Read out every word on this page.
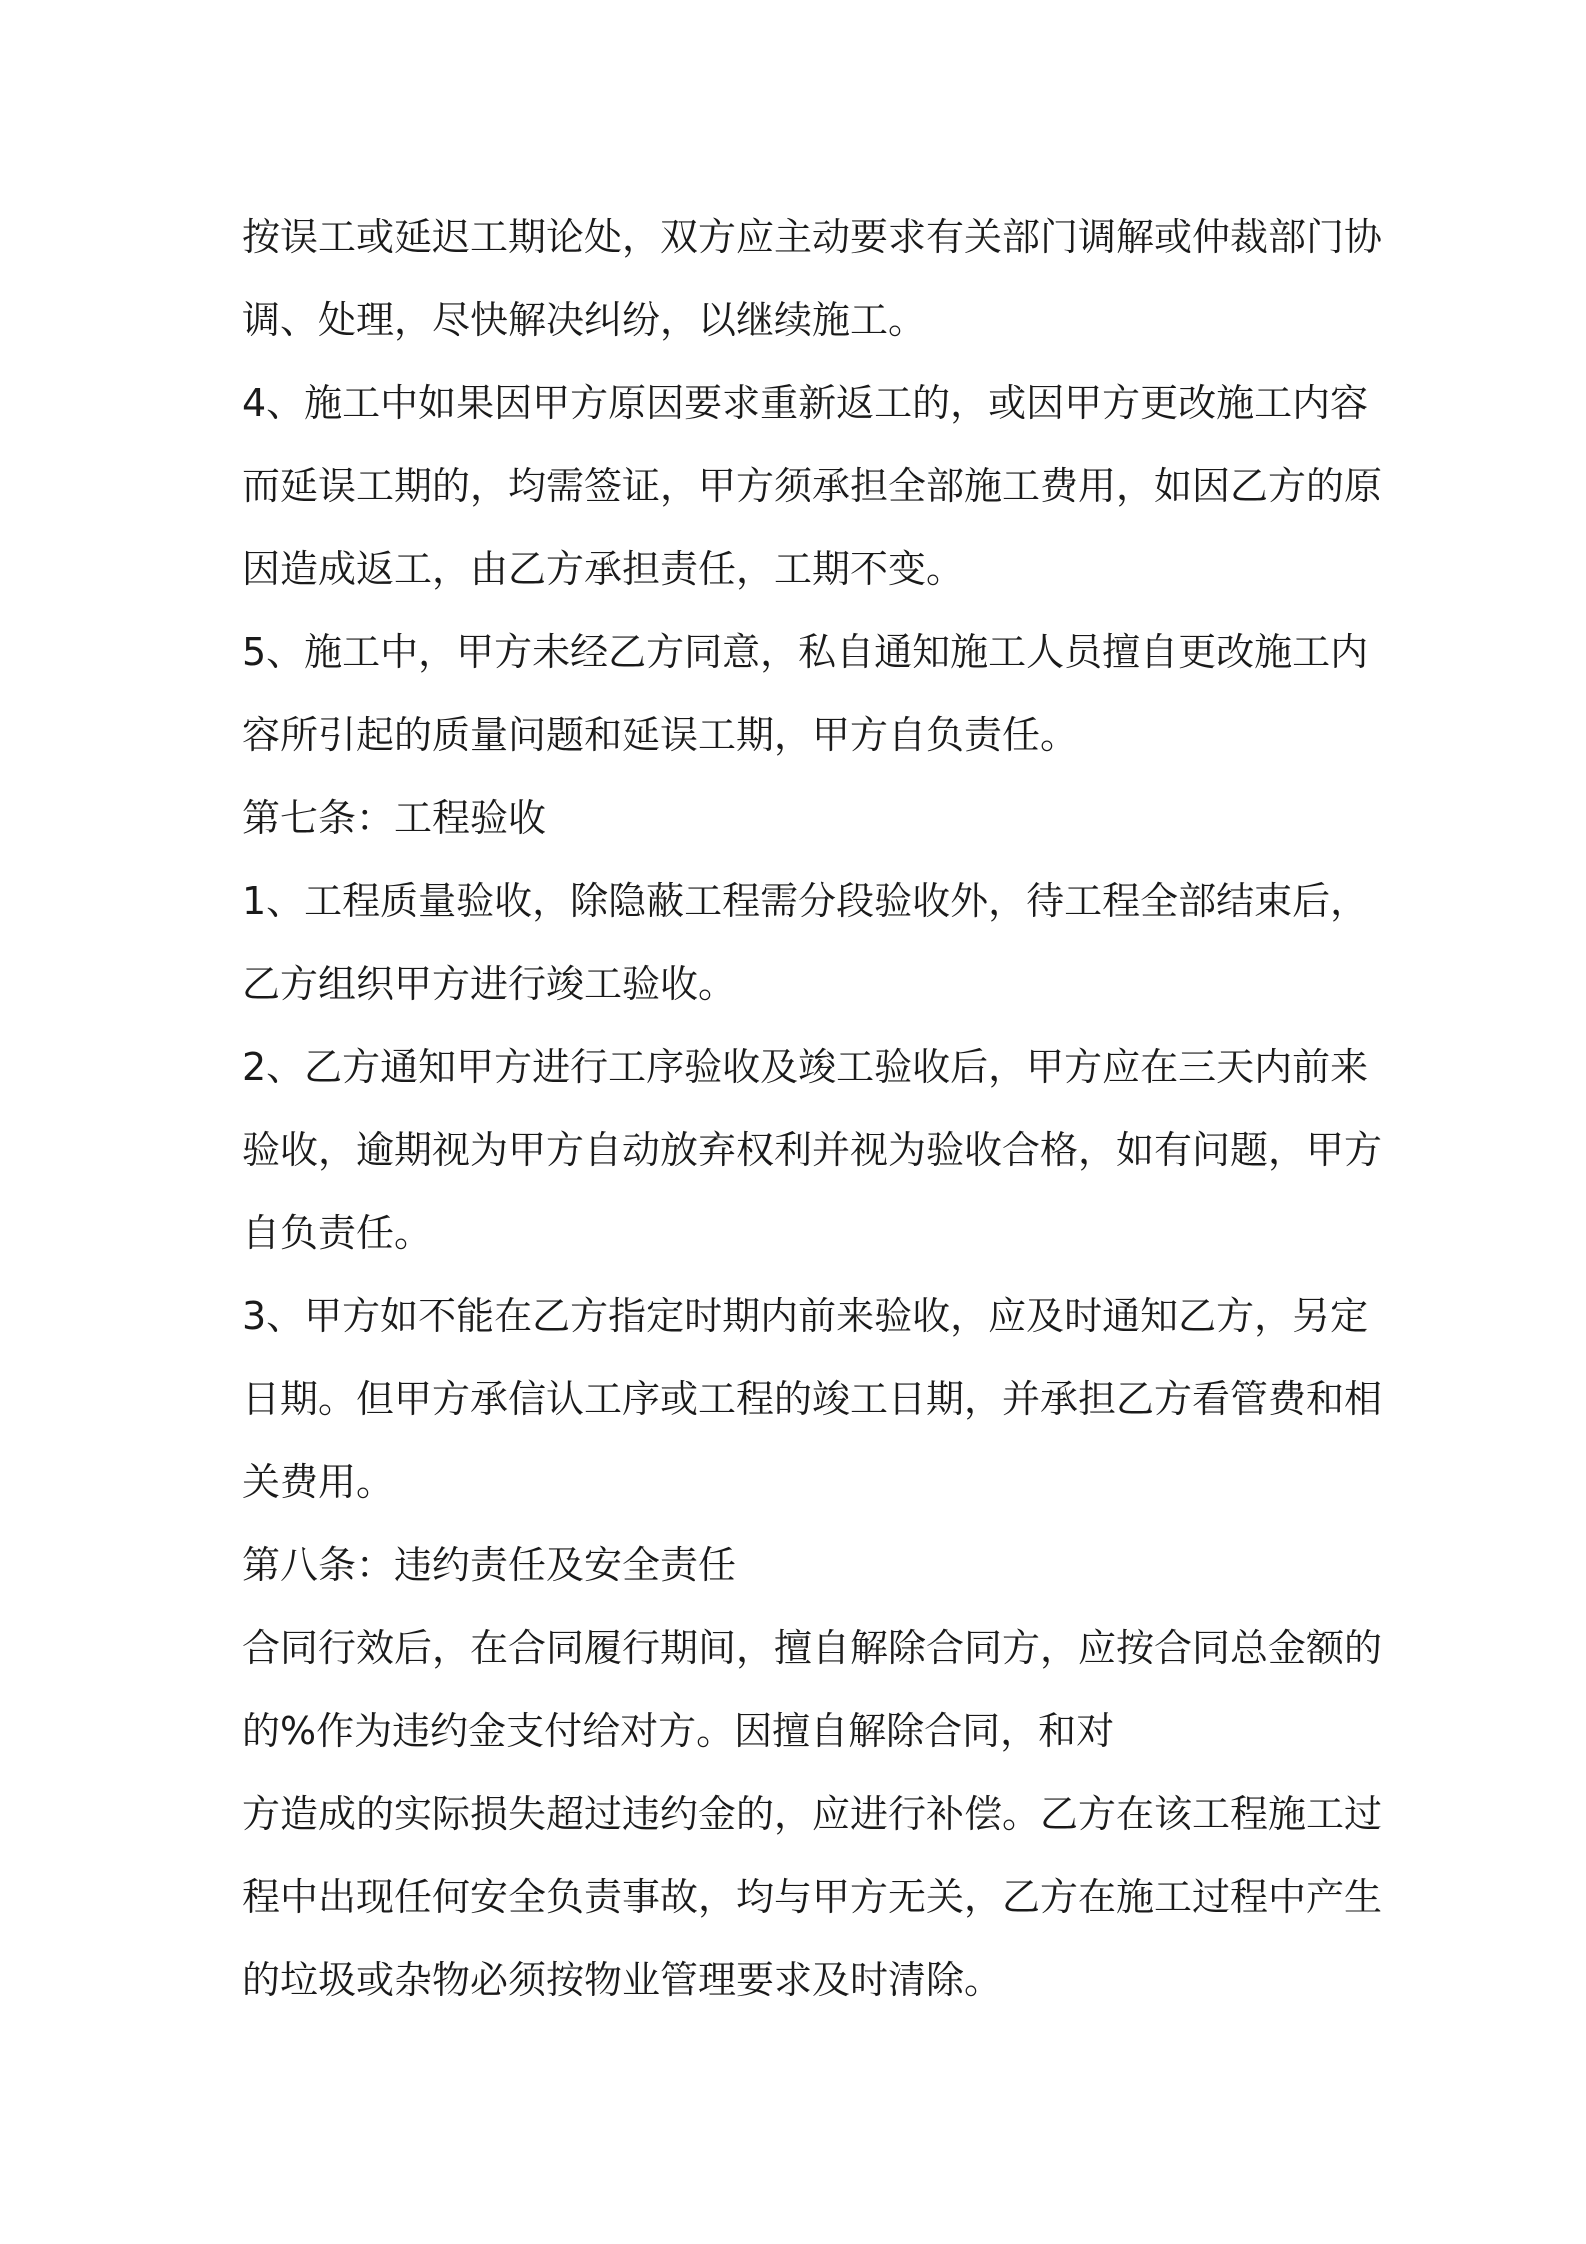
按误工或延迟工期论处，双方应主动要求有关部门调解或仲裁部门协
调、处理，尽快解决纠纷，以继续施工。
4、施工中如果因甲方原因要求重新返工的，或因甲方更改施工内容
而延误工期的，均需签证，甲方须承担全部施工费用，如因乙方的原
因造成返工，由乙方承担责任，工期不变。
5、施工中，甲方未经乙方同意，私自通知施工人员擅自更改施工内
容所引起的质量问题和延误工期，甲方自负责任。
第七条：工程验收
1、工程质量验收，除隐蔽工程需分段验收外，待工程全部结束后，
乙方组织甲方进行竣工验收。
2、乙方通知甲方进行工序验收及竣工验收后，甲方应在三天内前来
验收，逾期视为甲方自动放弃权利并视为验收合格，如有问题，甲方
自负责任。
3、甲方如不能在乙方指定时期内前来验收，应及时通知乙方，另定
日期。但甲方承信认工序或工程的竣工日期，并承担乙方看管费和相
关费用。
第八条：违约责任及安全责任
合同行效后，在合同履行期间，擅自解除合同方，应按合同总金额的
的%作为违约金支付给对方。因擅自解除合同，和对
方造成的实际损失超过违约金的，应进行补偿。乙方在该工程施工过
程中出现任何安全负责事故，均与甲方无关，乙方在施工过程中产生
的垃圾或杂物必须按物业管理要求及时清除。
